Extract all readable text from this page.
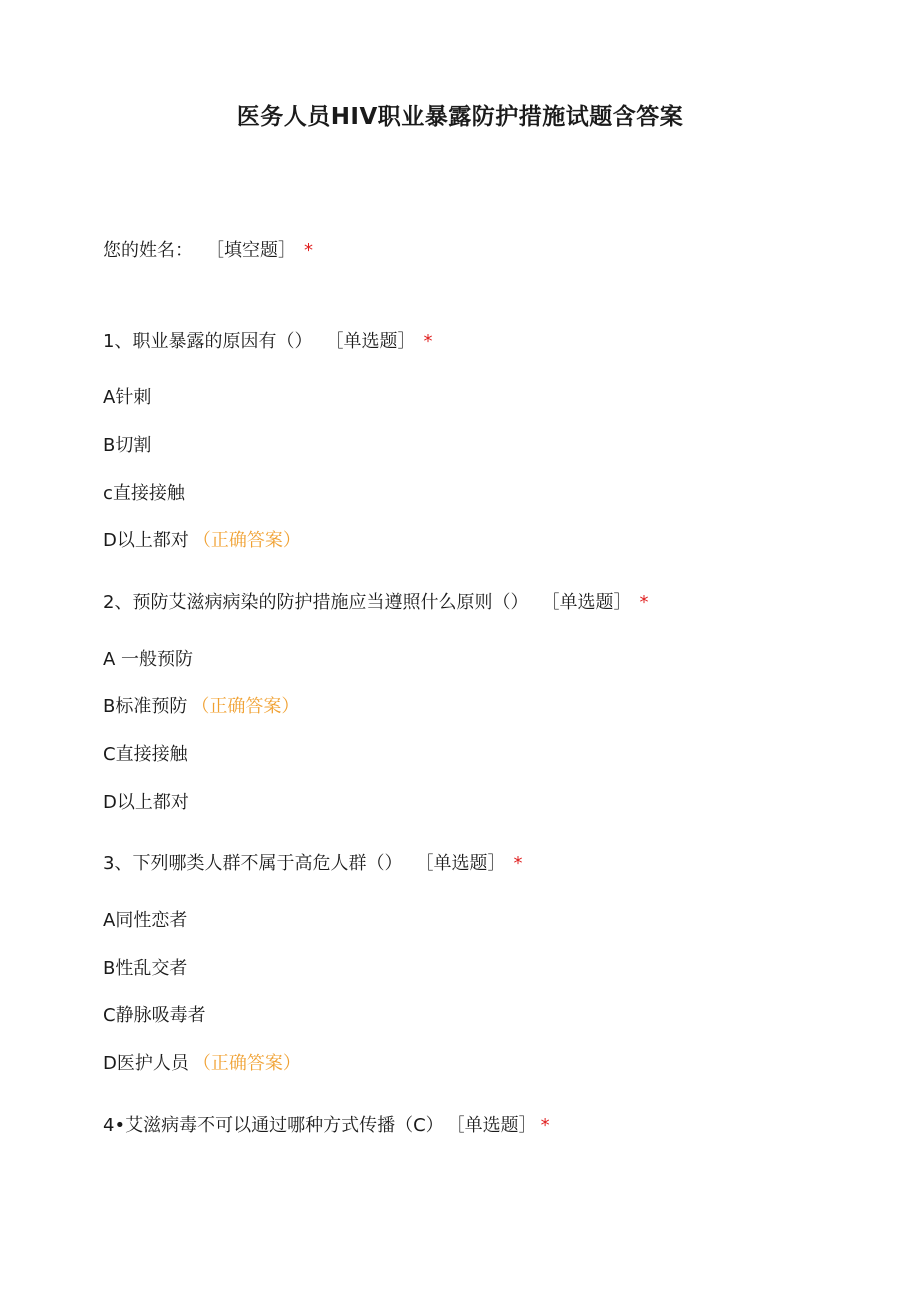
医务人员HIV职业暴露防护措施试题含答案
您的姓名： ［填空题］ *
1、职业暴露的原因有（） ［单选题］ *
A针刺
B切割
c直接接触
D以上都对 （正确答案）
2、预防艾滋病病染的防护措施应当遵照什么原则（） ［单选题］ *
A 一般预防
B标准预防 （正确答案）
C直接接触
D以上都对
3、下列哪类人群不属于高危人群（） ［单选题］ *
A同性恋者
B性乱交者
C静脉吸毒者
D医护人员 （正确答案）
4•艾滋病毒不可以通过哪种方式传播（C） ［单选题］ *
